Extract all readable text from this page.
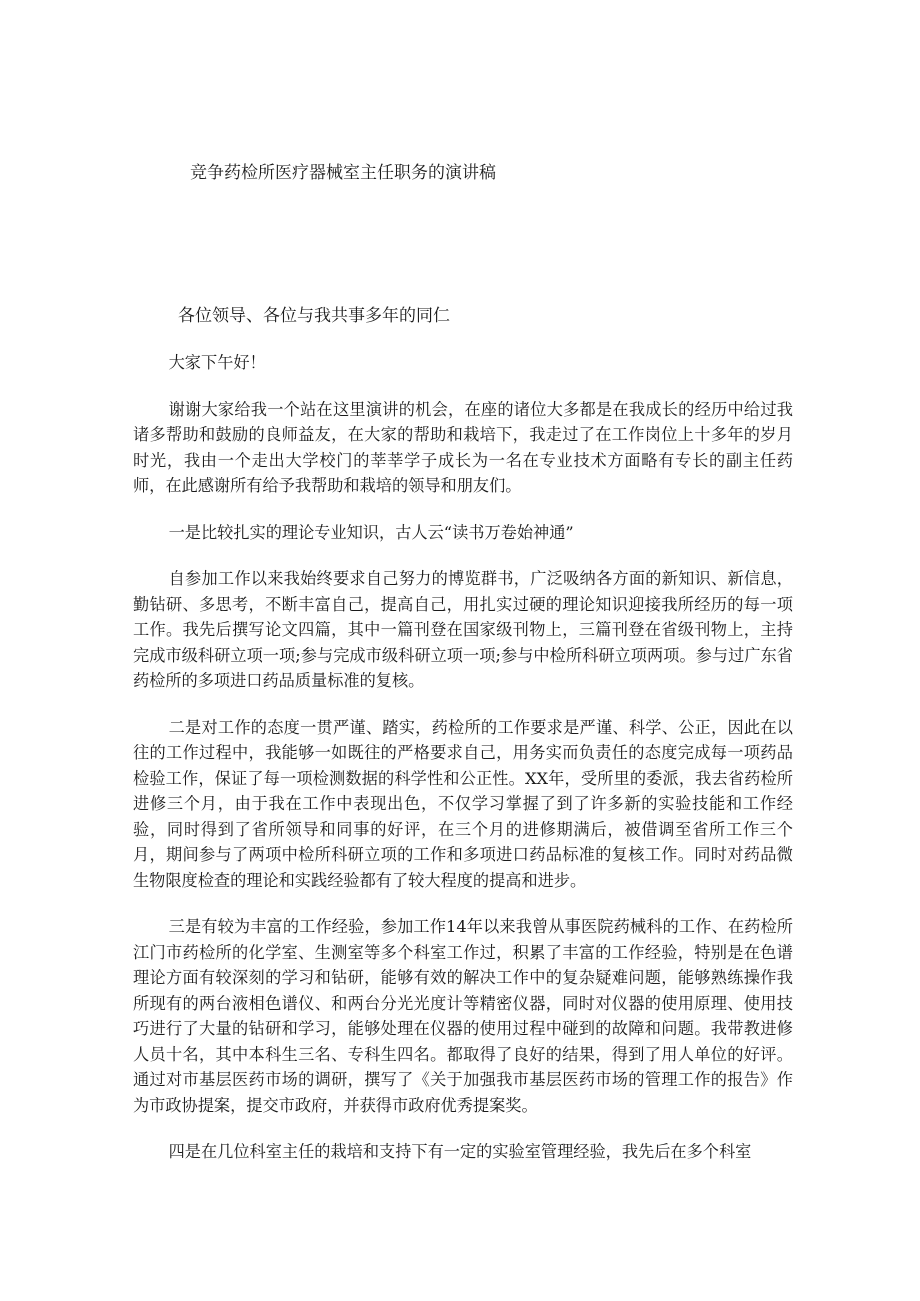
竞争药检所医疗器械室主任职务的演讲稿
各位领导、各位与我共事多年的同仁

大家下午好！

谢谢大家给我一个站在这里演讲的机会，在座的诸位大多都是在我成长的经历中给过我诸多帮助和鼓励的良师益友，在大家的帮助和栽培下，我走过了在工作岗位上十多年的岁月时光，我由一个走出大学校门的莘莘学子成长为一名在专业技术方面略有专长的副主任药师，在此感谢所有给予我帮助和栽培的领导和朋友们。

一是比较扎实的理论专业知识，古人云“读书万卷始神通”

自参加工作以来我始终要求自己努力的博览群书，广泛吸纳各方面的新知识、新信息，勤钻研、多思考，不断丰富自己，提高自己，用扎实过硬的理论知识迎接我所经历的每一项工作。我先后撰写论文四篇，其中一篇刊登在国家级刊物上，三篇刊登在省级刊物上，主持完成市级科研立项一项;参与完成市级科研立项一项;参与中检所科研立项两项。参与过广东省药检所的多项进口药品质量标准的复核。

二是对工作的态度一贯严谨、踏实，药检所的工作要求是严谨、科学、公正，因此在以往的工作过程中，我能够一如既往的严格要求自己，用务实而负责任的态度完成每一项药品检验工作，保证了每一项检测数据的科学性和公正性。XX年，受所里的委派，我去省药检所进修三个月，由于我在工作中表现出色，不仅学习掌握了到了许多新的实验技能和工作经验，同时得到了省所领导和同事的好评，在三个月的进修期满后，被借调至省所工作三个月，期间参与了两项中检所科研立项的工作和多项进口药品标准的复核工作。同时对药品微生物限度检查的理论和实践经验都有了较大程度的提高和进步。

三是有较为丰富的工作经验，参加工作14年以来我曾从事医院药械科的工作、在药检所江门市药检所的化学室、生测室等多个科室工作过，积累了丰富的工作经验，特别是在色谱理论方面有较深刻的学习和钻研，能够有效的解决工作中的复杂疑难问题，能够熟练操作我所现有的两台液相色谱仪、和两台分光光度计等精密仪器，同时对仪器的使用原理、使用技巧进行了大量的钻研和学习，能够处理在仪器的使用过程中碰到的故障和问题。我带教进修人员十名，其中本科生三名、专科生四名。都取得了良好的结果，得到了用人单位的好评。通过对市基层医药市场的调研，撰写了《关于加强我市基层医药市场的管理工作的报告》作为市政协提案，提交市政府，并获得市政府优秀提案奖。

四是在几位科室主任的栽培和支持下有一定的实验室管理经验，我先后在多个科室
